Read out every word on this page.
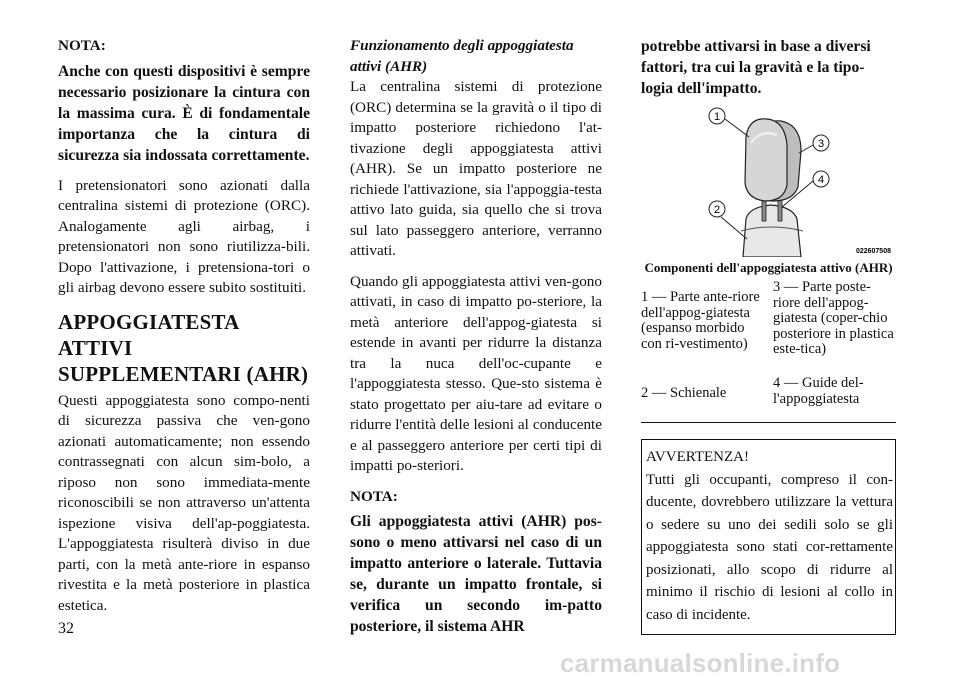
NOTA:

Anche con questi dispositivi è sempre necessario posizionare la cintura con la massima cura. È di fondamentale importanza che la cintura di sicurezza sia indossata correttamente.

I pretensionatori sono azionati dalla centralina sistemi di protezione (ORC). Analogamente agli airbag, i pretensionatori non sono riutilizza-bili. Dopo l'attivazione, i pretensiona-tori o gli airbag devono essere subito sostituiti.

APPOGGIATESTA ATTIVI SUPPLEMENTARI (AHR)

Questi appoggiatesta sono compo-nenti di sicurezza passiva che ven-gono azionati automaticamente; non essendo contrassegnati con alcun sim-bolo, a riposo non sono immediata-mente riconoscibili se non attraverso un'attenta ispezione visiva dell'ap-poggiatesta. L'appoggiatesta risulterà diviso in due parti, con la metà ante-riore in espanso rivestita e la metà posteriore in plastica estetica.

Funzionamento degli appoggiatesta attivi (AHR)

La centralina sistemi di protezione (ORC) determina se la gravità o il tipo di impatto posteriore richiedono l'at-tivazione degli appoggiatesta attivi (AHR). Se un impatto posteriore ne richiede l'attivazione, sia l'appoggia-testa attivo lato guida, sia quello che si trova sul lato passeggero anteriore, verranno attivati.

Quando gli appoggiatesta attivi ven-gono attivati, in caso di impatto po-steriore, la metà anteriore dell'appog-giatesta si estende in avanti per ridurre la distanza tra la nuca dell'oc-cupante e l'appoggiatesta stesso. Que-sto sistema è stato progettato per aiu-tare ad evitare o ridurre l'entità delle lesioni al conducente e al passeggero anteriore per certi tipi di impatti po-steriori.

NOTA:

Gli appoggiatesta attivi (AHR) pos-sono o meno attivarsi nel caso di un impatto anteriore o laterale. Tuttavia se, durante un impatto frontale, si verifica un secondo im-patto posteriore, il sistema AHR

potrebbe attivarsi in base a diversi fattori, tra cui la gravità e la tipo-logia dell'impatto.

1
3
4
2
022607508
Componenti dell'appoggiatesta attivo (AHR)
1 — Parte ante-riore dell'appog-giatesta (espanso morbido con ri-vestimento)
2 — Schienale
3 — Parte poste-riore dell'appog-giatesta (coper-chio posteriore in plastica este-tica)
4 — Guide del-l'appoggiatesta
AVVERTENZA!
Tutti gli occupanti, compreso il con-ducente, dovrebbero utilizzare la vettura o sedere su uno dei sedili solo se gli appoggiatesta sono stati cor-rettamente posizionati, allo scopo di ridurre al minimo il rischio di lesioni al collo in caso di incidente.
32
carmanualsonline.info
